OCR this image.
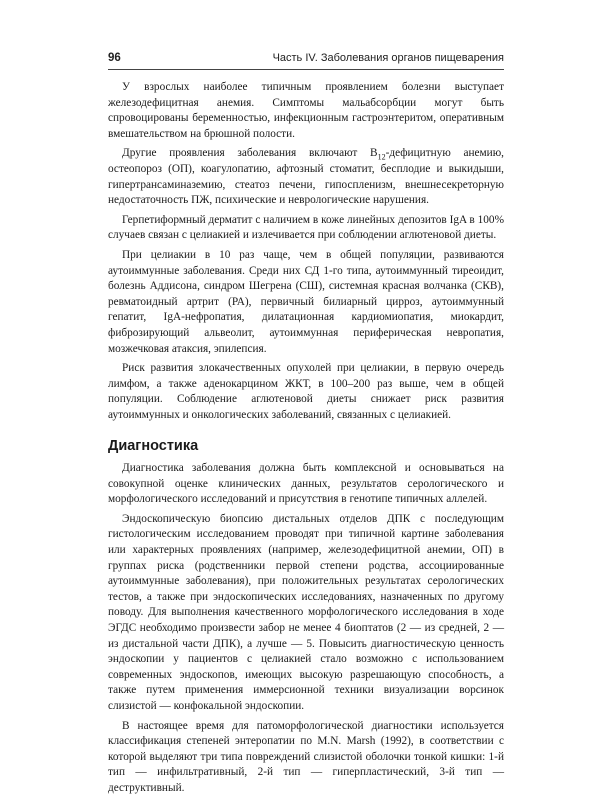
96	Часть IV. Заболевания органов пищеварения

У взрослых наиболее типичным проявлением болезни выступает железодефицитная анемия. Симптомы мальабсорбции могут быть спровоцированы беременностью, инфекционным гастроэнтеритом, оперативным вмешательством на брюшной полости.

Другие проявления заболевания включают $B_{12}$-дефицитную анемию, остеопороз (ОП), коагулопатию, афтозный стоматит, бесплодие и выкидыши, гипертрансаминаземию, стеатоз печени, гипоспленизм, внешнесекреторную недостаточность ПЖ, психические и неврологические нарушения.

Герпетиформный дерматит с наличием в коже линейных депозитов IgA в 100% случаев связан с целиакией и излечивается при соблюдении аглютеновой диеты.

При целиакии в 10 раз чаще, чем в общей популяции, развиваются аутоиммунные заболевания. Среди них СД 1-го типа, аутоиммунный тиреоидит, болезнь Аддисона, синдром Шегрена (СШ), системная красная волчанка (СКВ), ревматоидный артрит (РА), первичный билиарный цирроз, аутоиммунный гепатит, IgA-нефропатия, дилатационная кардиомиопатия, миокардит, фиброзирующий альвеолит, аутоиммунная периферическая невропатия, мозжечковая атаксия, эпилепсия.

Риск развития злокачественных опухолей при целиакии, в первую очередь лимфом, а также аденокарцином ЖКТ, в 100–200 раз выше, чем в общей популяции. Соблюдение аглютеновой диеты снижает риск развития аутоиммунных и онкологических заболеваний, связанных с целиакией.

Диагностика

Диагностика заболевания должна быть комплексной и основываться на совокупной оценке клинических данных, результатов серологического и морфологического исследований и присутствия в генотипе типичных аллелей.

Эндоскопическую биопсию дистальных отделов ДПК с последующим гистологическим исследованием проводят при типичной картине заболевания или характерных проявлениях (например, железодефицитной анемии, ОП) в группах риска (родственники первой степени родства, ассоциированные аутоиммунные заболевания), при положительных результатах серологических тестов, а также при эндоскопических исследованиях, назначенных по другому поводу. Для выполнения качественного морфологического исследования в ходе ЭГДС необходимо произвести забор не менее 4 биоптатов (2 — из средней, 2 — из дистальной части ДПК), а лучше — 5. Повысить диагностическую ценность эндоскопии у пациентов с целиакией стало возможно с использованием современных эндоскопов, имеющих высокую разрешающую способность, а также путем применения иммерсионной техники визуализации ворсинок слизистой — конфокальной эндоскопии.

В настоящее время для патоморфологической диагностики используется классификация степеней энтеропатии по M.N. Marsh (1992), в соответствии с которой выделяют три типа повреждений слизистой оболочки тонкой кишки: 1-й тип — инфильтративный, 2-й тип — гиперпластический, 3-й тип — деструктивный.
